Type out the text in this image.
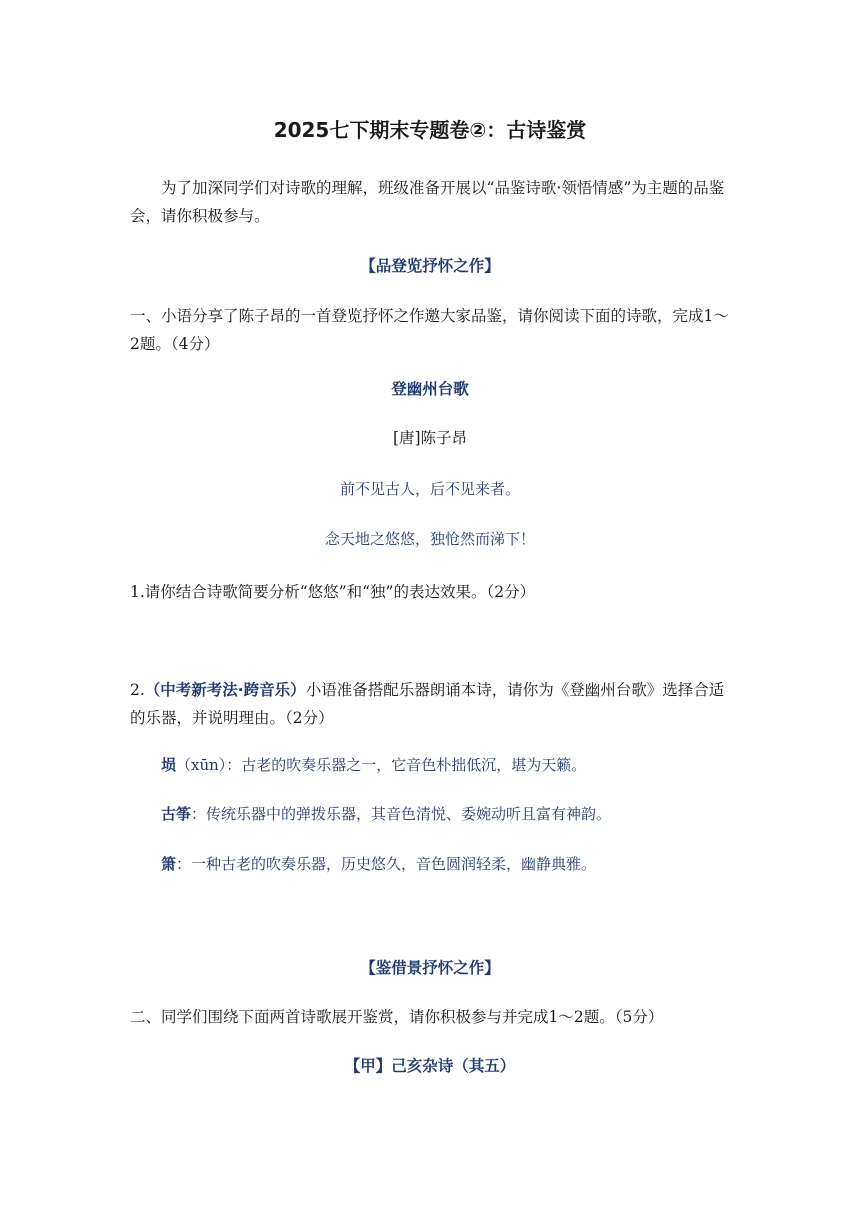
2025七下期末专题卷②：古诗鉴赏
为了加深同学们对诗歌的理解，班级准备开展以“品鉴诗歌·领悟情感”为主题的品鉴会，请你积极参与。
【品登览抒怀之作】
一、小语分享了陈子昂的一首登览抒怀之作邀大家品鉴，请你阅读下面的诗歌，完成1～2题。（4分）
登幽州台歌
[唐]陈子昂
前不见古人，后不见来者。
念天地之悠悠，独怆然而涕下！
1.请你结合诗歌简要分析“悠悠”和“独”的表达效果。（2分）
2.（中考新考法·跨音乐）小语准备搭配乐器朗诵本诗，请你为《登幽州台歌》选择合适的乐器，并说明理由。（2分）
埙（xūn）：古老的吹奏乐器之一，它音色朴拙低沉，堪为天籁。
古筝：传统乐器中的弹拨乐器，其音色清悦、委婉动听且富有神韵。
箫：一种古老的吹奏乐器，历史悠久，音色圆润轻柔，幽静典雅。
【鉴借景抒怀之作】
二、同学们围绕下面两首诗歌展开鉴赏，请你积极参与并完成1～2题。（5分）
【甲】己亥杂诗（其五）
